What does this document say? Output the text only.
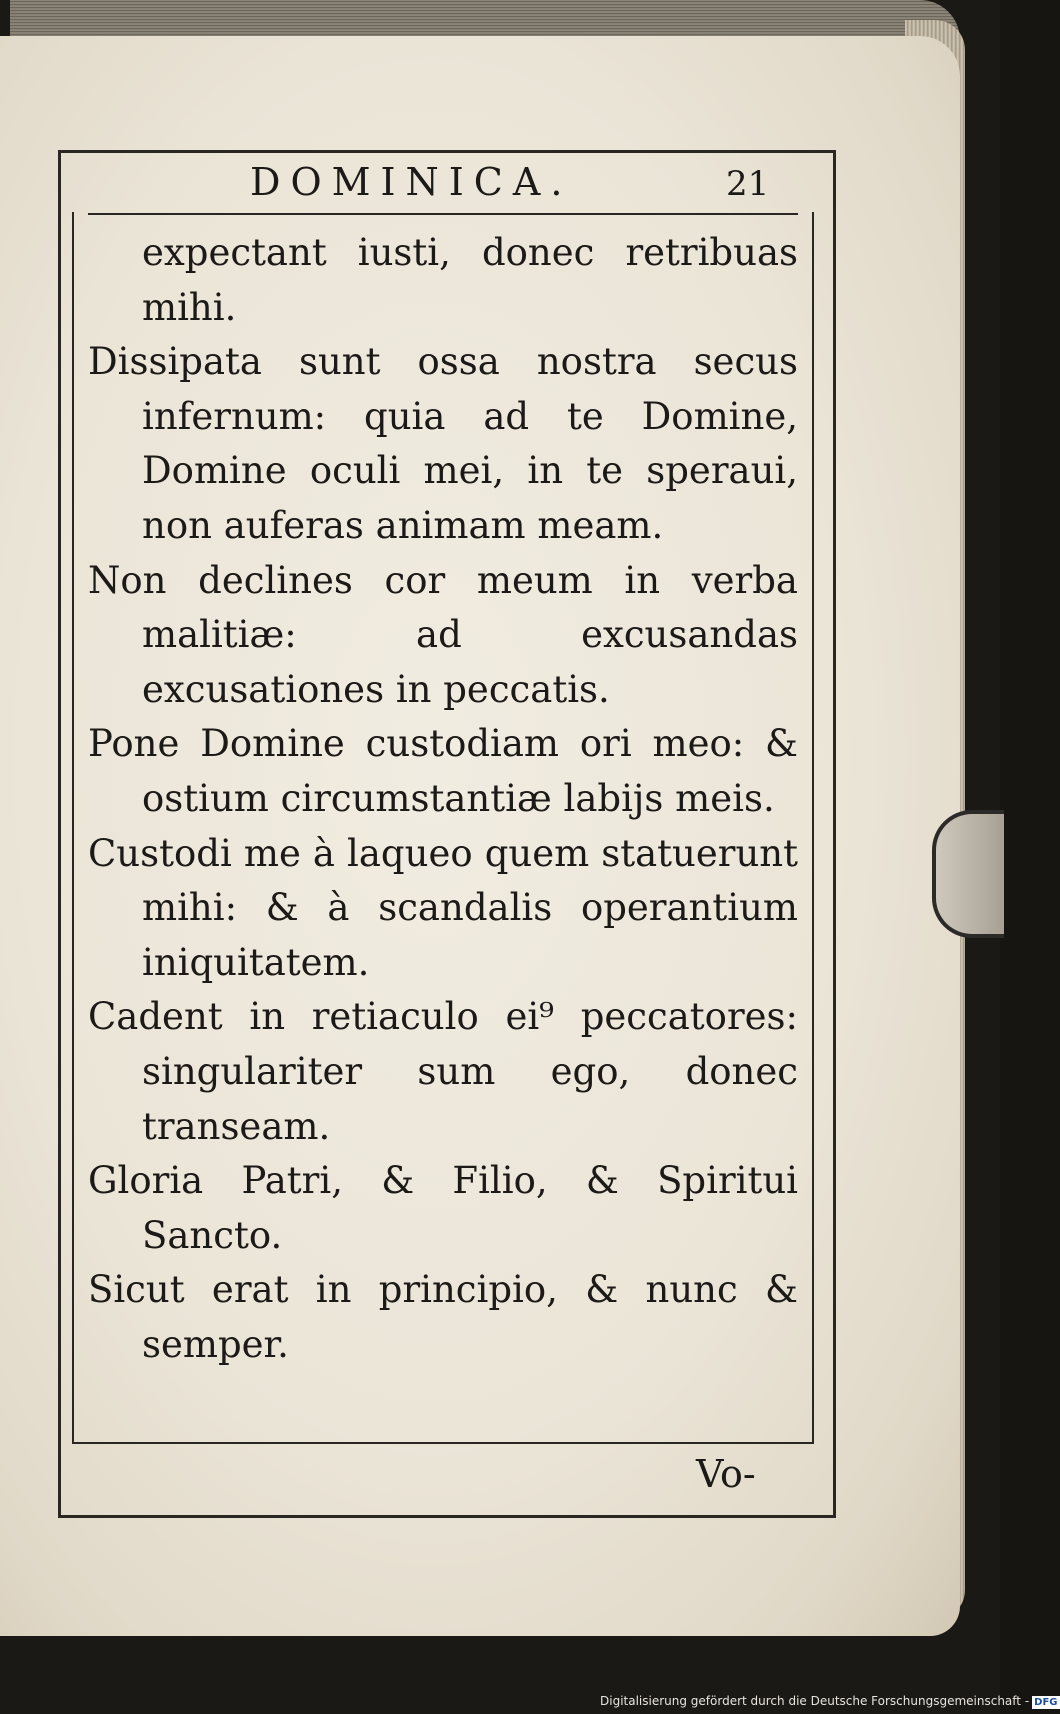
DOMINICA.	21
expectant iusti, donec retribuas mihi.
Dissipata sunt ossa nostra secus infernum: quia ad te Domine, Domine oculi mei, in te speraui, non auferas animam meam.
Non declines cor meum in verba malitiæ: ad excusandas excusationes in peccatis.
Pone Domine custodiam ori meo: & ostium circumstantiæ labijs meis.
Custodi me à laqueo quem statuerunt mihi: & à scandalis operantium iniquitatem.
Cadent in retiaculo ei⁹ peccatores: singulariter sum ego, donec transeam.
Gloria Patri, & Filio, & Spiritui Sancto.
Sicut erat in principio, & nunc & semper.
Vo-
Digitalisierung gefördert durch die Deutsche Forschungsgemeinschaft - DFG
